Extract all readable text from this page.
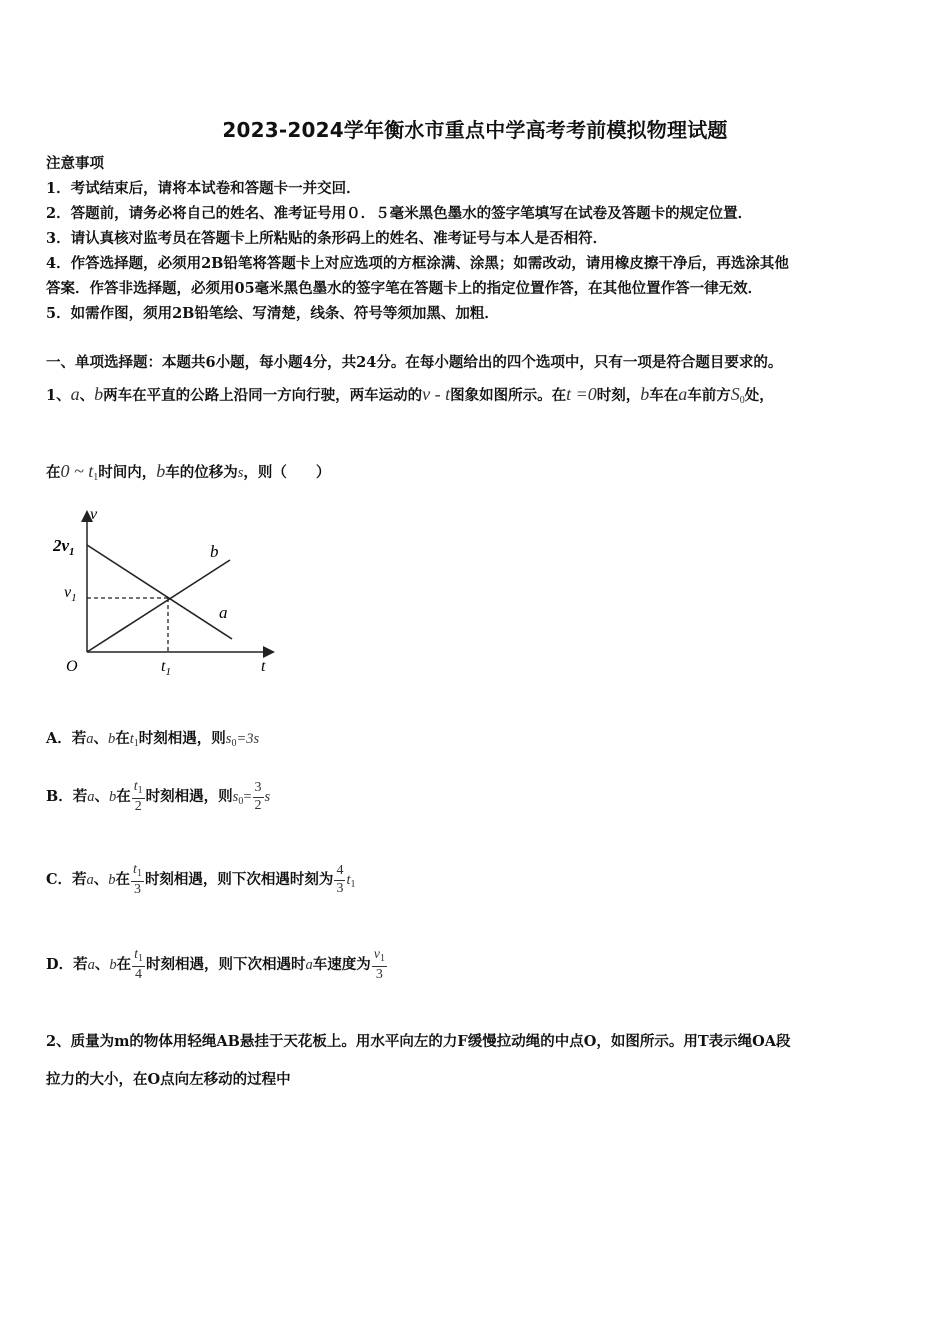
2023-2024学年衡水市重点中学高考考前模拟物理试题
注意事项
1．考试结束后，请将本试卷和答题卡一并交回．
2．答题前，请务必将自己的姓名、准考证号用０．５毫米黑色墨水的签字笔填写在试卷及答题卡的规定位置．
3．请认真核对监考员在答题卡上所粘贴的条形码上的姓名、准考证号与本人是否相符．
4．作答选择题，必须用2B铅笔将答题卡上对应选项的方框涂满、涂黑；如需改动，请用橡皮擦干净后，再选涂其他
答案．作答非选择题，必须用05毫米黑色墨水的签字笔在答题卡上的指定位置作答，在其他位置作答一律无效．
5．如需作图，须用2B铅笔绘、写清楚，线条、符号等须加黑、加粗．
一、单项选择题：本题共6小题，每小题4分，共24分。在每小题给出的四个选项中，只有一项是符合题目要求的。
1、a、b两车在平直的公路上沿同一方向行驶，两车运动的v - t图象如图所示。在t =0时刻，b车在a车前方$S_0$处，
在0 ~ $t_1$时间内，b车的位移为s，则（　　）
v
t
O
$2v_1$
$v_1$
$t_1$
b
a
A．若a、b在$t_1$时刻相遇，则$s_0=3s$
B．若a、b在 $\frac{t_1}{2}$ 时刻相遇，则$s_0= \frac{3}{2}$ s
C．若a、b在 $\frac{t_1}{3}$ 时刻相遇，则下次相遇时刻为 $\frac{4}{3} t_1$
D．若a、b在 $\frac{t_1}{4}$ 时刻相遇，则下次相遇时a车速度为 $\frac{v_1}{3}$
2、质量为m的物体用轻绳AB悬挂于天花板上。用水平向左的力F缓慢拉动绳的中点O，如图所示。用T表示绳OA段
拉力的大小，在O点向左移动的过程中
